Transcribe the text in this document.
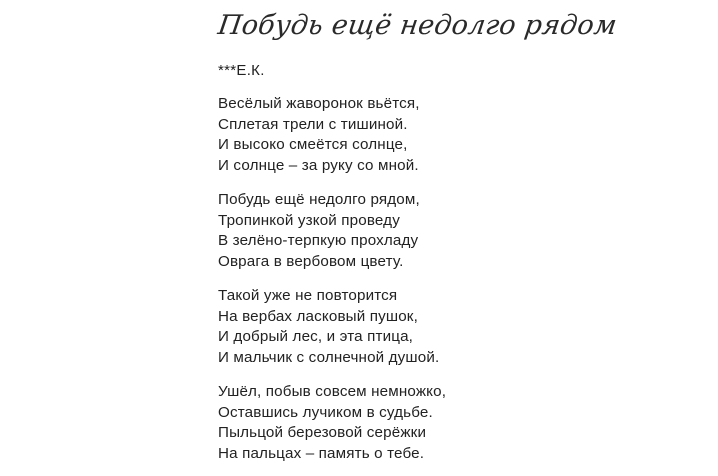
Побудь ещё недолго рядом
***Е.К.
Весёлый жаворонок вьётся,
Сплетая трели с тишиной.
И высоко смеётся солнце,
И солнце – за руку со мной.
Побудь ещё недолго рядом,
Тропинкой узкой проведу
В зелёно-терпкую прохладу
Оврага в вербовом цвету.
Такой уже не повторится
На вербах ласковый пушок,
И добрый лес, и эта птица,
И мальчик с солнечной душой.
Ушёл, побыв совсем немножко,
Оставшись лучиком в судьбе.
Пыльцой березовой серёжки
На пальцах – память о тебе.
